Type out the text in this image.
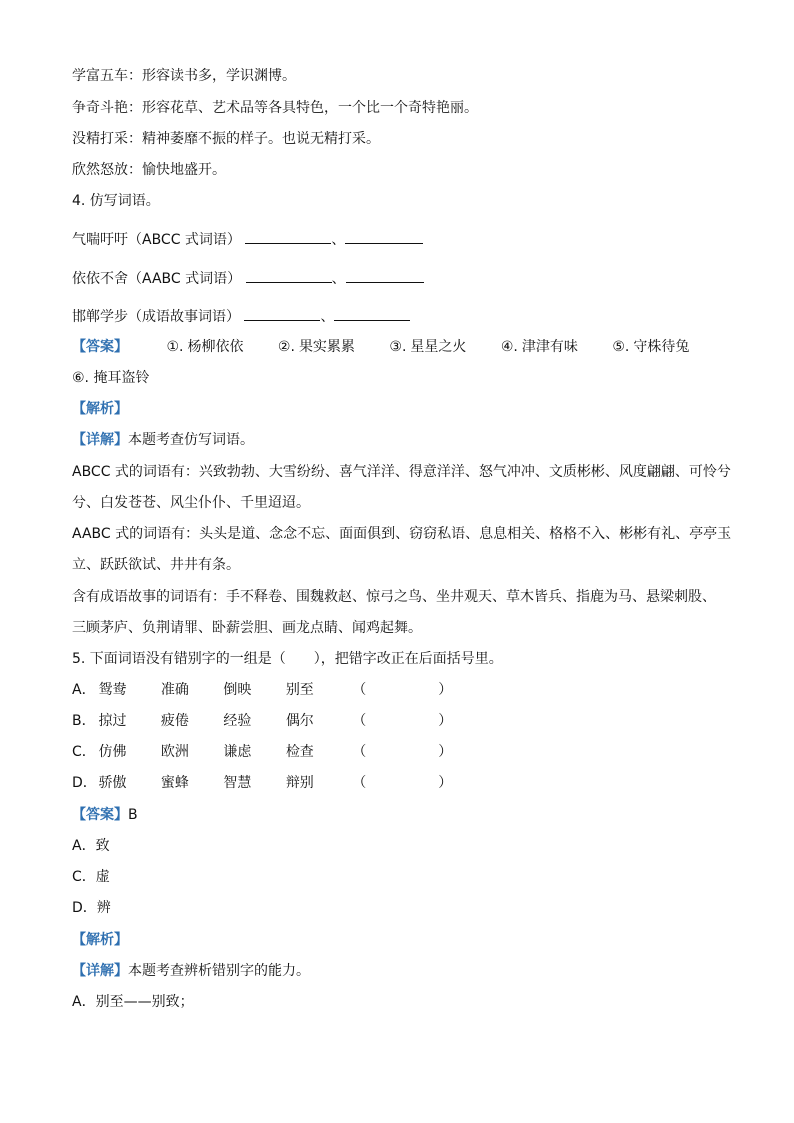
学富五车：形容读书多，学识渊博。
争奇斗艳：形容花草、艺术品等各具特色，一个比一个奇特艳丽。
没精打采：精神萎靡不振的样子。也说无精打采。
欣然怒放：愉快地盛开。
4. 仿写词语。
气喘吁吁（ABCC 式词语）	、
依依不舍（AABC 式词语）	、
邯郸学步（成语故事词语）	、
【答案】	①. 杨柳依依 ②. 果实累累 ③. 星星之火 ④. 津津有味 ⑤. 守株待兔
⑥. 掩耳盗铃
【解析】
【详解】本题考查仿写词语。
ABCC 式的词语有：兴致勃勃、大雪纷纷、喜气洋洋、得意洋洋、怒气冲冲、文质彬彬、风度翩翩、可怜兮
兮、白发苍苍、风尘仆仆、千里迢迢。
AABC 式的词语有：头头是道、念念不忘、面面俱到、窃窃私语、息息相关、格格不入、彬彬有礼、亭亭玉
立、跃跃欲试、井井有条。
含有成语故事的词语有：手不释卷、围魏救赵、惊弓之鸟、坐井观天、草木皆兵、指鹿为马、悬梁刺股、
三顾茅庐、负荆请罪、卧薪尝胆、画龙点睛、闻鸡起舞。
5. 下面词语没有错别字的一组是（　　），把错字改正在后面括号里。
A． 鸳鸯 准确 倒映 别至	（	）
B． 掠过 疲倦 经验 偶尔	（	）
C． 仿佛 欧洲 谦虑 检查	（	）
D． 骄傲 蜜蜂 智慧 辩别	（	）
【答案】B
A．致
C．虚
D．辨
【解析】
【详解】本题考查辨析错别字的能力。
A．别至——别致；
